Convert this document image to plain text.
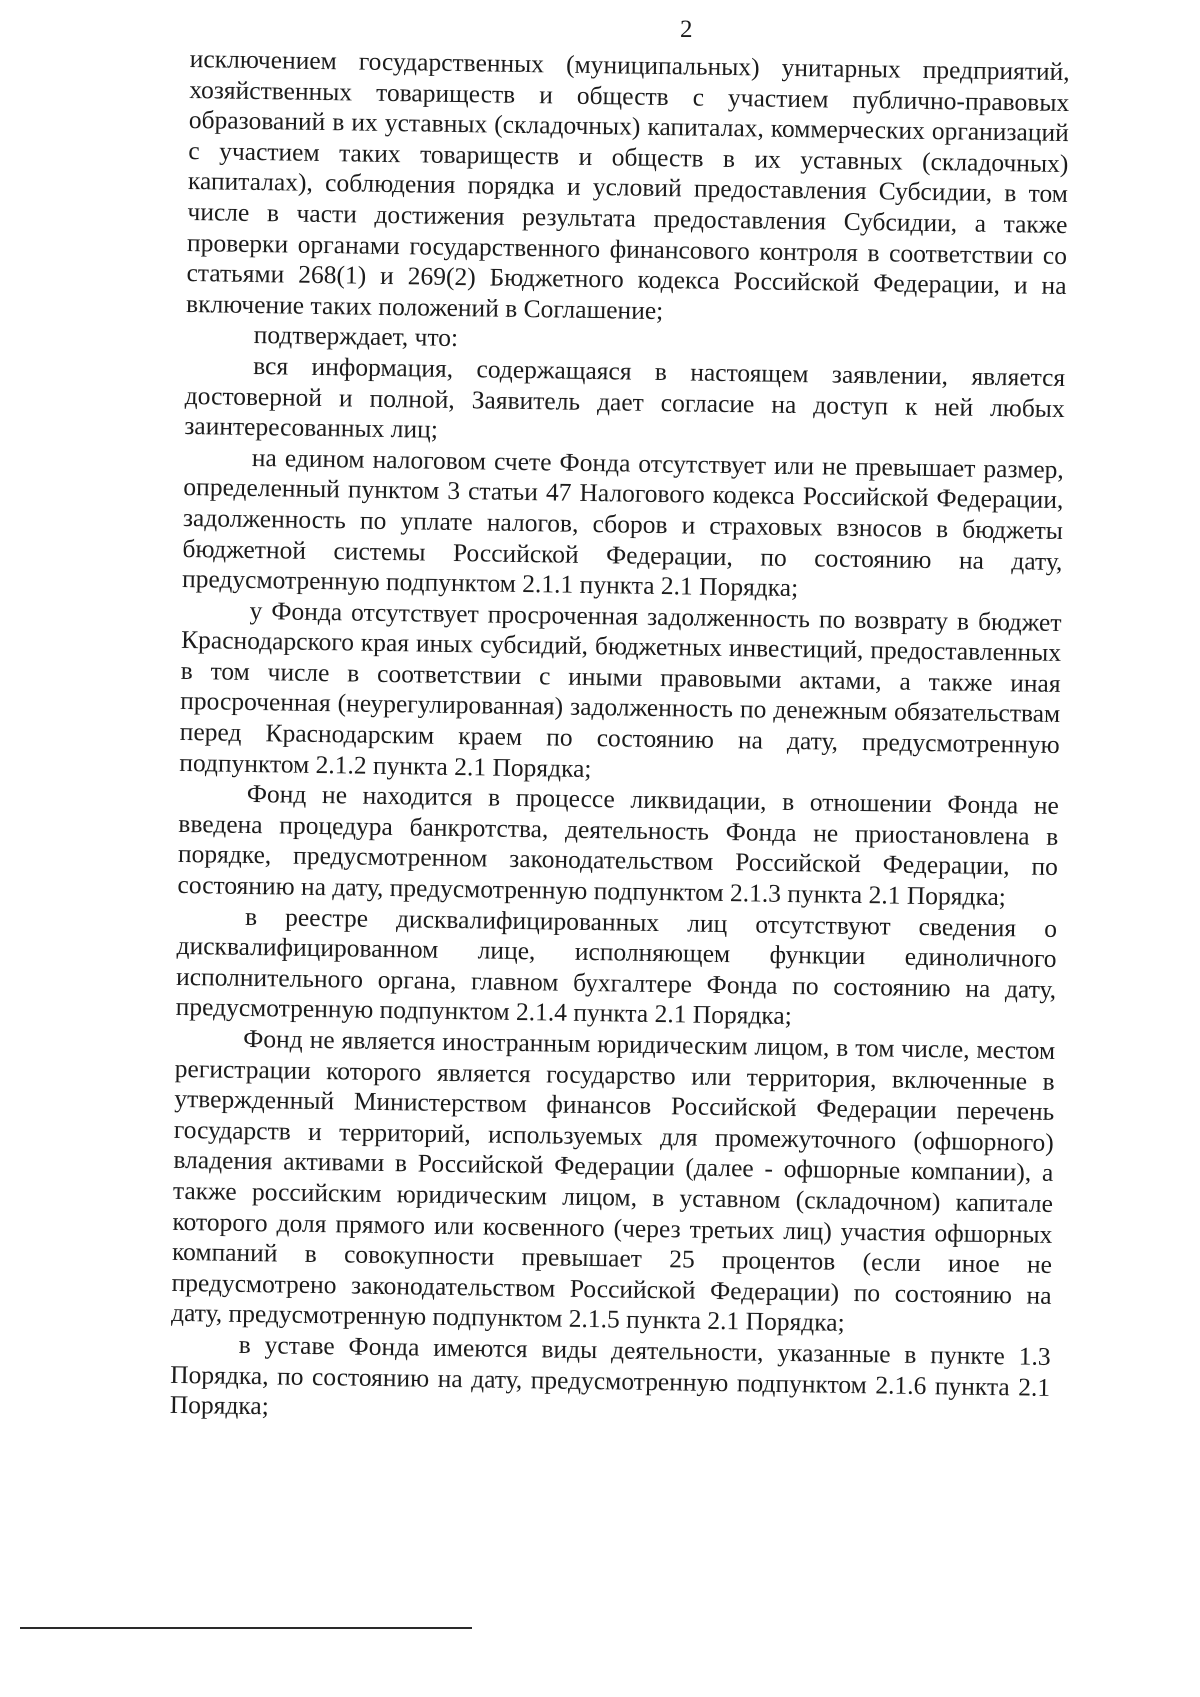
2

исключением государственных (муниципальных) унитарных предприятий, хозяйственных товариществ и обществ с участием публично-правовых образований в их уставных (складочных) капиталах, коммерческих организаций с участием таких товариществ и обществ в их уставных (складочных) капиталах), соблюдения порядка и условий предоставления Субсидии, в том числе в части достижения результата предоставления Субсидии, а также проверки органами государственного финансового контроля в соответствии со статьями 268(1) и 269(2) Бюджетного кодекса Российской Федерации, и на включение таких положений в Соглашение;

подтверждает, что:

вся информация, содержащаяся в настоящем заявлении, является достоверной и полной, Заявитель дает согласие на доступ к ней любых заинтересованных лиц;

на едином налоговом счете Фонда отсутствует или не превышает размер, определенный пунктом 3 статьи 47 Налогового кодекса Российской Федерации, задолженность по уплате налогов, сборов и страховых взносов в бюджеты бюджетной системы Российской Федерации, по состоянию на дату, предусмотренную подпунктом 2.1.1 пункта 2.1 Порядка;

у Фонда отсутствует просроченная задолженность по возврату в бюджет Краснодарского края иных субсидий, бюджетных инвестиций, предоставленных в том числе в соответствии с иными правовыми актами, а также иная просроченная (неурегулированная) задолженность по денежным обязательствам перед Краснодарским краем по состоянию на дату, предусмотренную подпунктом 2.1.2 пункта 2.1 Порядка;

Фонд не находится в процессе ликвидации, в отношении Фонда не введена процедура банкротства, деятельность Фонда не приостановлена в порядке, предусмотренном законодательством Российской Федерации, по состоянию на дату, предусмотренную подпунктом 2.1.3 пункта 2.1 Порядка;

в реестре дисквалифицированных лиц отсутствуют сведения о дисквалифицированном лице, исполняющем функции единоличного исполнительного органа, главном бухгалтере Фонда по состоянию на дату, предусмотренную подпунктом 2.1.4 пункта 2.1 Порядка;

Фонд не является иностранным юридическим лицом, в том числе, местом регистрации которого является государство или территория, включенные в утвержденный Министерством финансов Российской Федерации перечень государств и территорий, используемых для промежуточного (офшорного) владения активами в Российской Федерации (далее - офшорные компании), а также российским юридическим лицом, в уставном (складочном) капитале которого доля прямого или косвенного (через третьих лиц) участия офшорных компаний в совокупности превышает 25 процентов (если иное не предусмотрено законодательством Российской Федерации) по состоянию на дату, предусмотренную подпунктом 2.1.5 пункта 2.1 Порядка;

в уставе Фонда имеются виды деятельности, указанные в пункте 1.3 Порядка, по состоянию на дату, предусмотренную подпунктом 2.1.6 пункта 2.1 Порядка;
